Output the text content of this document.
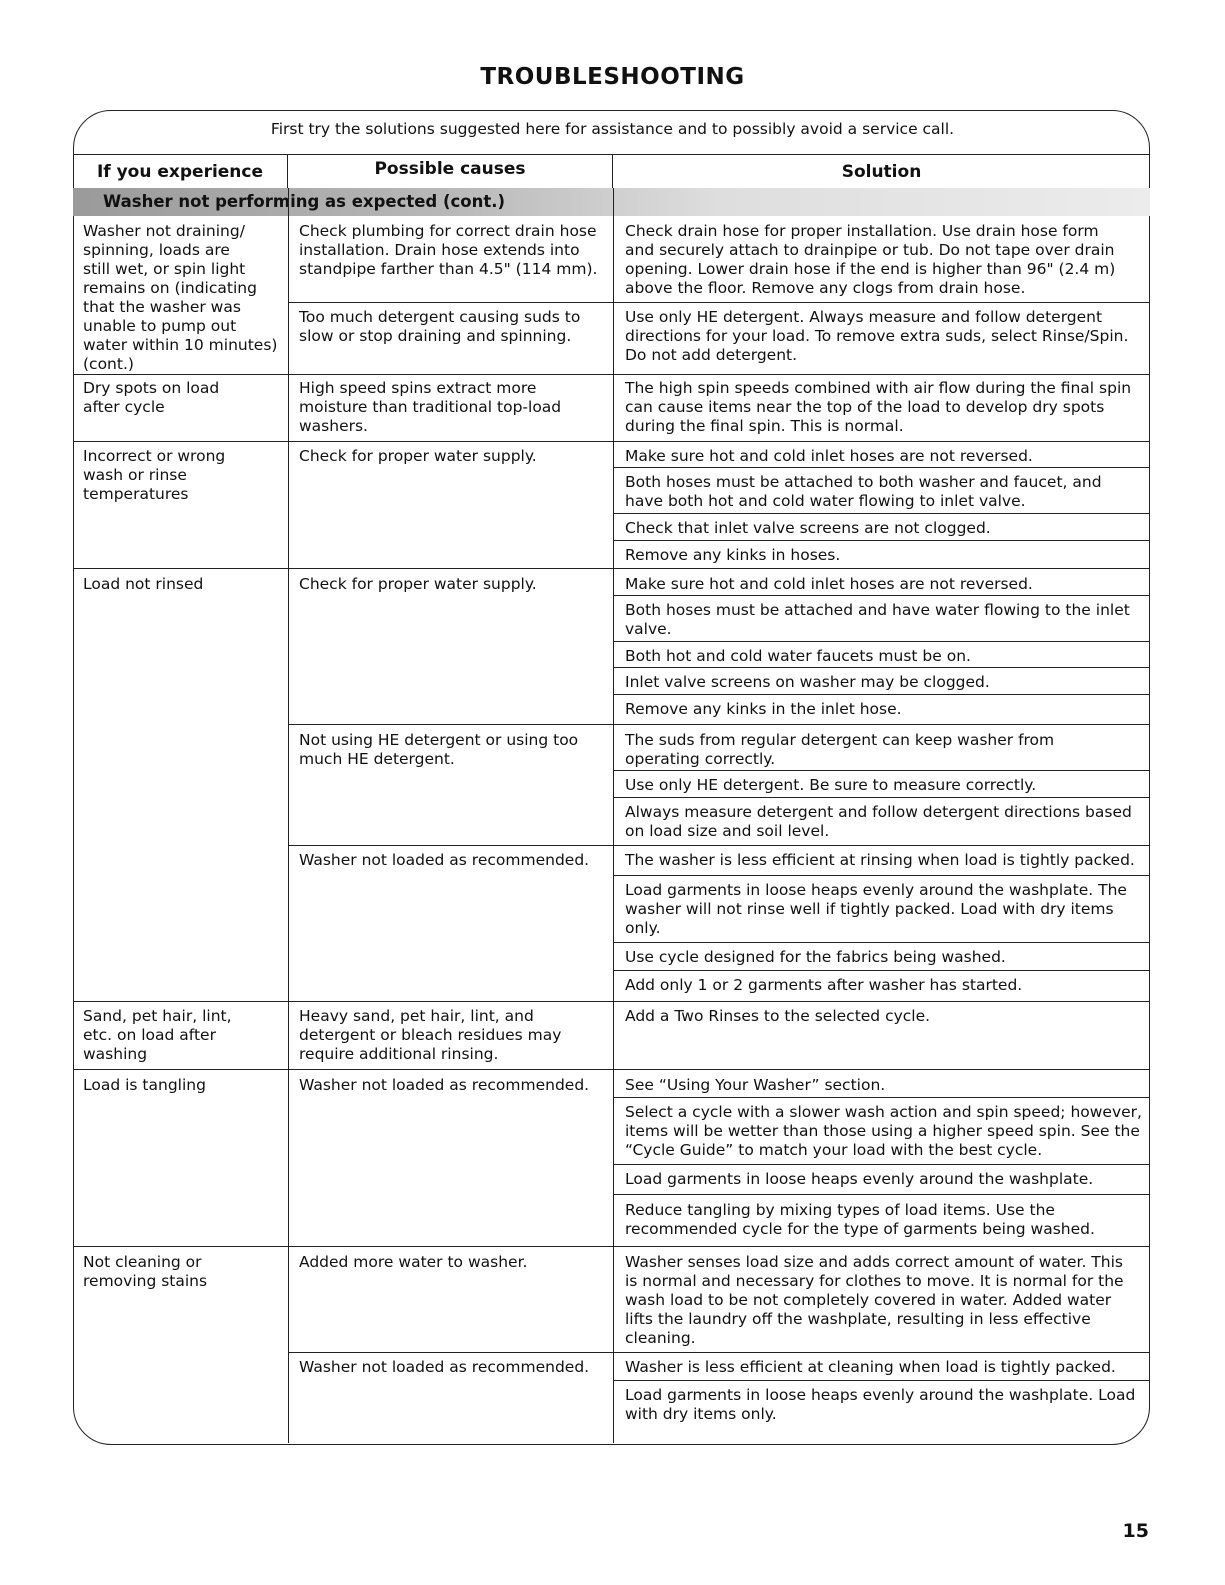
TROUBLESHOOTING
First try the solutions suggested here for assistance and to possibly avoid a service call.
If you experience	Possible causes	Solution
Washer not performing as expected (cont.)
Washer not draining/
spinning, loads are
still wet, or spin light
remains on (indicating
that the washer was
unable to pump out
water within 10 minutes)
(cont.)
Dry spots on load
after cycle
Incorrect or wrong
wash or rinse
temperatures
Load not rinsed
Sand, pet hair, lint,
etc. on load after
washing
Load is tangling
Not cleaning or
removing stains
Check plumbing for correct drain hose
installation. Drain hose extends into
standpipe farther than 4.5" (114 mm).
Too much detergent causing suds to
slow or stop draining and spinning.
High speed spins extract more
moisture than traditional top-load
washers.
Check for proper water supply.
Check for proper water supply.
Not using HE detergent or using too
much HE detergent.
Washer not loaded as recommended.
Heavy sand, pet hair, lint, and
detergent or bleach residues may
require additional rinsing.
Washer not loaded as recommended.
Added more water to washer.
Washer not loaded as recommended.
Check drain hose for proper installation. Use drain hose form
and securely attach to drainpipe or tub. Do not tape over drain
opening. Lower drain hose if the end is higher than 96" (2.4 m)
above the floor. Remove any clogs from drain hose.
Use only HE detergent. Always measure and follow detergent
directions for your load. To remove extra suds, select Rinse/Spin.
Do not add detergent.
The high spin speeds combined with air flow during the final spin
can cause items near the top of the load to develop dry spots
during the final spin. This is normal.
Make sure hot and cold inlet hoses are not reversed.
Both hoses must be attached to both washer and faucet, and
have both hot and cold water flowing to inlet valve.
Check that inlet valve screens are not clogged.
Remove any kinks in hoses.
Make sure hot and cold inlet hoses are not reversed.
Both hoses must be attached and have water flowing to the inlet
valve.
Both hot and cold water faucets must be on.
Inlet valve screens on washer may be clogged.
Remove any kinks in the inlet hose.
The suds from regular detergent can keep washer from
operating correctly.
Use only HE detergent. Be sure to measure correctly.
Always measure detergent and follow detergent directions based
on load size and soil level.
The washer is less efficient at rinsing when load is tightly packed.
Load garments in loose heaps evenly around the washplate. The
washer will not rinse well if tightly packed. Load with dry items
only.
Use cycle designed for the fabrics being washed.
Add only 1 or 2 garments after washer has started.
Add a Two Rinses to the selected cycle.
See “Using Your Washer” section.
Select a cycle with a slower wash action and spin speed; however,
items will be wetter than those using a higher speed spin. See the
“Cycle Guide” to match your load with the best cycle.
Load garments in loose heaps evenly around the washplate.
Reduce tangling by mixing types of load items. Use the
recommended cycle for the type of garments being washed.
Washer senses load size and adds correct amount of water. This
is normal and necessary for clothes to move. It is normal for the
wash load to be not completely covered in water. Added water
lifts the laundry off the washplate, resulting in less effective
cleaning.
Washer is less efficient at cleaning when load is tightly packed.
Load garments in loose heaps evenly around the washplate. Load
with dry items only.
15
